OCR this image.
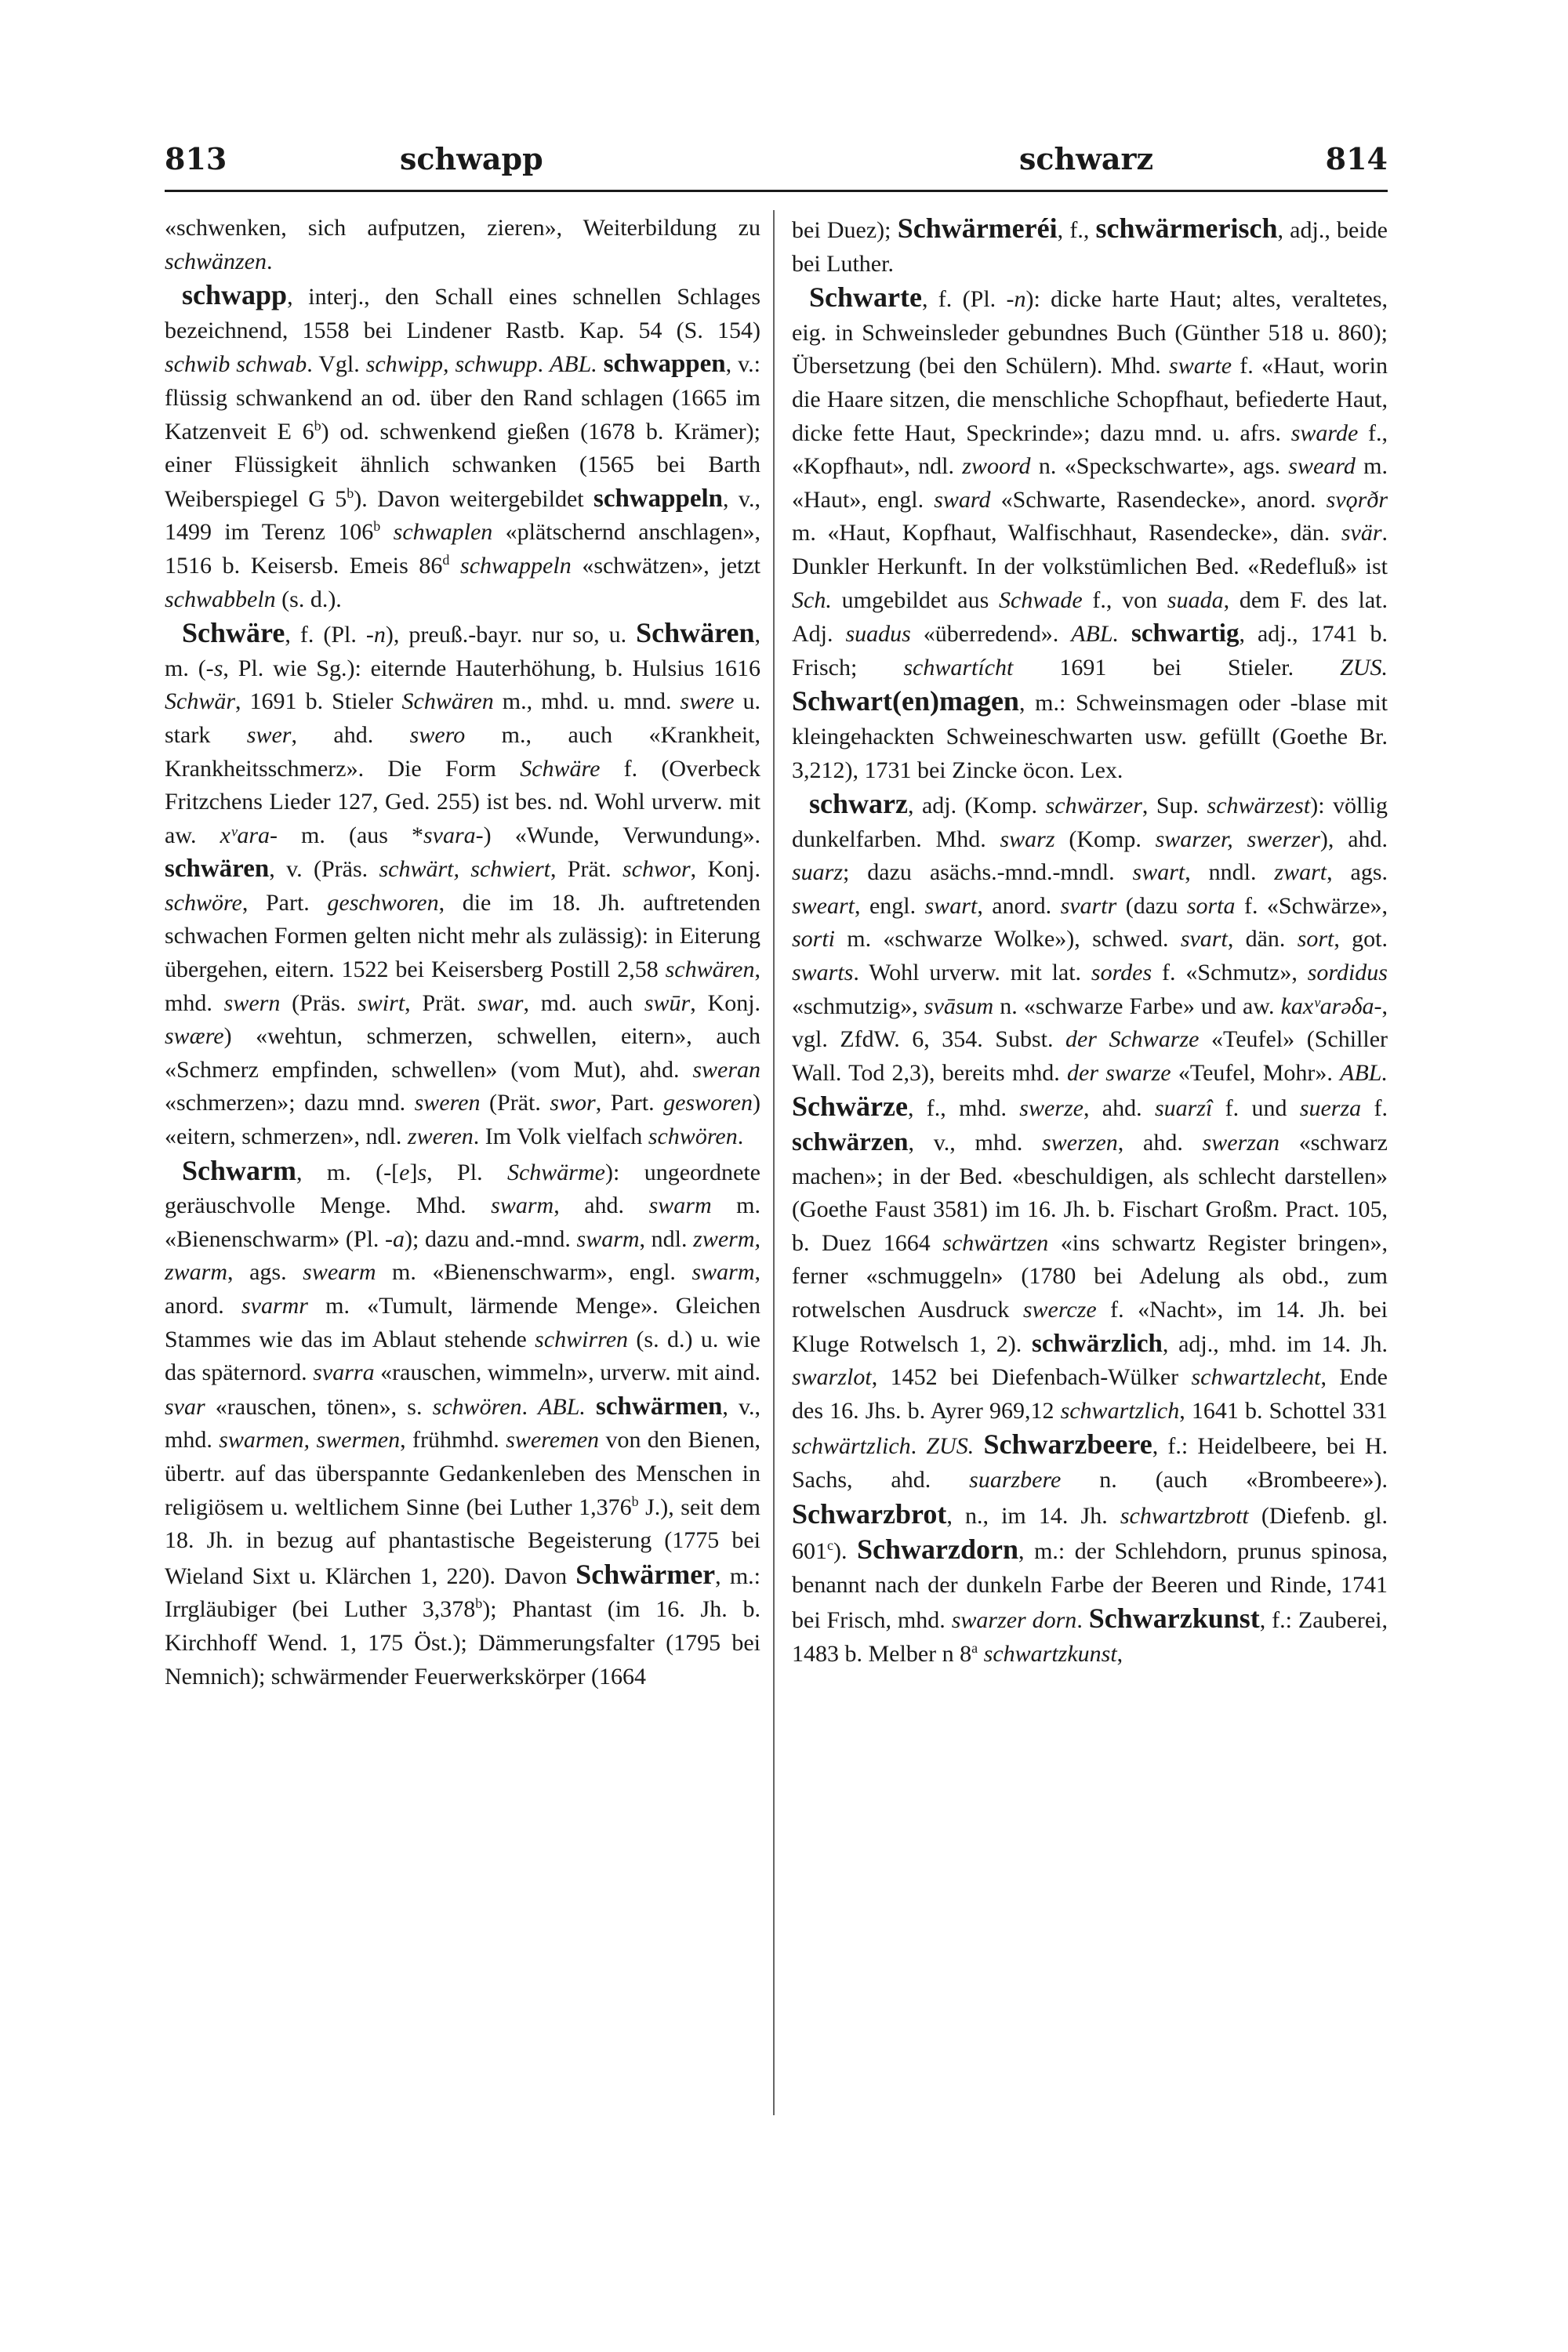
813	schwapp	schwarz	814

«schwenken, sich aufputzen, zieren», Weiterbildung zu schwänzen.

schwapp, interj., den Schall eines schnellen Schlages bezeichnend, 1558 bei Lindener Rastb. Kap. 54 (S. 154) schwib schwab. Vgl. schwipp, schwupp. ABL. schwappen, v.: flüssig schwankend an od. über den Rand schlagen (1665 im Katzenveit E 6$^b$) od. schwenkend gießen (1678 b. Krämer); einer Flüssigkeit ähnlich schwanken (1565 bei Barth Weiberspiegel G 5$^b$). Davon weitergebildet schwappeln, v., 1499 im Terenz 106$^b$ schwaplen «plätschernd anschlagen», 1516 b. Keisersb. Emeis 86$^d$ schwappeln «schwätzen», jetzt schwabbeln (s. d.).

Schwäre, f. (Pl. -n), preuß.-bayr. nur so, u. Schwären, m. (-s, Pl. wie Sg.): eiternde Hauterhöhung, b. Hulsius 1616 Schwär, 1691 b. Stieler Schwären m., mhd. u. mnd. swere u. stark swer, ahd. swero m., auch «Krankheit, Krankheitsschmerz». Die Form Schwäre f. (Overbeck Fritzchens Lieder 127, Ged. 255) ist bes. nd. Wohl urverw. mit aw. xᵛara- m. (aus *svara-) «Wunde, Verwundung». schwären, v. (Präs. schwärt, schwiert, Prät. schwor, Konj. schwöre, Part. geschworen, die im 18. Jh. auftretenden schwachen Formen gelten nicht mehr als zulässig): in Eiterung übergehen, eitern. 1522 bei Keisersberg Postill 2,58 schwären, mhd. swern (Präs. swirt, Prät. swar, md. auch swūr, Konj. swære) «wehtun, schmerzen, schwellen, eitern», auch «Schmerz empfinden, schwellen» (vom Mut), ahd. sweran «schmerzen»; dazu mnd. sweren (Prät. swor, Part. gesworen) «eitern, schmerzen», ndl. zweren. Im Volk vielfach schwören.

Schwarm, m. (-[e]s, Pl. Schwärme): ungeordnete geräuschvolle Menge. Mhd. swarm, ahd. swarm m. «Bienenschwarm» (Pl. -a); dazu and.-mnd. swarm, ndl. zwerm, zwarm, ags. swearm m. «Bienenschwarm», engl. swarm, anord. svarmr m. «Tumult, lärmende Menge». Gleichen Stammes wie das im Ablaut stehende schwirren (s. d.) u. wie das späternord. svarra «rauschen, wimmeln», urverw. mit aind. svar «rauschen, tönen», s. schwören. ABL. schwärmen, v., mhd. swarmen, swermen, frühmhd. sweremen von den Bienen, übertr. auf das überspannte Gedankenleben des Menschen in religiösem u. weltlichem Sinne (bei Luther 1,376$^b$ J.), seit dem 18. Jh. in bezug auf phantastische Begeisterung (1775 bei Wieland Sixt u. Klärchen 1, 220). Davon Schwärmer, m.: Irrgläubiger (bei Luther 3,378$^b$); Phantast (im 16. Jh. b. Kirchhoff Wend. 1, 175 Öst.); Dämmerungsfalter (1795 bei Nemnich); schwärmender Feuerwerkskörper (1664

bei Duez); Schwärmeréi, f., schwärmerisch, adj., beide bei Luther.

Schwarte, f. (Pl. -n): dicke harte Haut; altes, veraltetes, eig. in Schweinsleder gebundnes Buch (Günther 518 u. 860); Übersetzung (bei den Schülern). Mhd. swarte f. «Haut, worin die Haare sitzen, die menschliche Schopfhaut, befiederte Haut, dicke fette Haut, Speckrinde»; dazu mnd. u. afrs. swarde f., «Kopfhaut», ndl. zwoord n. «Speckschwarte», ags. sweard m. «Haut», engl. sward «Schwarte, Rasendecke», anord. svǫrðr m. «Haut, Kopfhaut, Walfischhaut, Rasendecke», dän. svär. Dunkler Herkunft. In der volkstümlichen Bed. «Redefluß» ist Sch. umgebildet aus Schwade f., von suada, dem F. des lat. Adj. suadus «überredend». ABL. schwartig, adj., 1741 b. Frisch; schwartícht 1691 bei Stieler. ZUS. Schwart(en)magen, m.: Schweinsmagen oder -blase mit kleingehackten Schweineschwarten usw. gefüllt (Goethe Br. 3,212), 1731 bei Zincke öcon. Lex.

schwarz, adj. (Komp. schwärzer, Sup. schwärzest): völlig dunkelfarben. Mhd. swarz (Komp. swarzer, swerzer), ahd. suarz; dazu asächs.-mnd.-mndl. swart, nndl. zwart, ags. sweart, engl. swart, anord. svartr (dazu sorta f. «Schwärze», sorti m. «schwarze Wolke»), schwed. svart, dän. sort, got. swarts. Wohl urverw. mit lat. sordes f. «Schmutz», sordidus «schmutzig», svāsum n. «schwarze Farbe» und aw. kaxᵛarəδa-, vgl. ZfdW. 6, 354. Subst. der Schwarze «Teufel» (Schiller Wall. Tod 2,3), bereits mhd. der swarze «Teufel, Mohr». ABL. Schwärze, f., mhd. swerze, ahd. suarzî f. und suerza f. schwärzen, v., mhd. swerzen, ahd. swerzan «schwarz machen»; in der Bed. «beschuldigen, als schlecht darstellen» (Goethe Faust 3581) im 16. Jh. b. Fischart Großm. Pract. 105, b. Duez 1664 schwärtzen «ins schwartz Register bringen», ferner «schmuggeln» (1780 bei Adelung als obd., zum rotwelschen Ausdruck swercze f. «Nacht», im 14. Jh. bei Kluge Rotwelsch 1, 2). schwärzlich, adj., mhd. im 14. Jh. swarzlot, 1452 bei Diefenbach-Wülker schwartzlecht, Ende des 16. Jhs. b. Ayrer 969,12 schwartzlich, 1641 b. Schottel 331 schwärtzlich. ZUS. Schwarzbeere, f.: Heidelbeere, bei H. Sachs, ahd. suarzbere n. (auch «Brombeere»). Schwarzbrot, n., im 14. Jh. schwartzbrott (Diefenb. gl. 601$^c$). Schwarzdorn, m.: der Schlehdorn, prunus spinosa, benannt nach der dunkeln Farbe der Beeren und Rinde, 1741 bei Frisch, mhd. swarzer dorn. Schwarzkunst, f.: Zauberei, 1483 b. Melber n 8$^a$ schwartzkunst,
